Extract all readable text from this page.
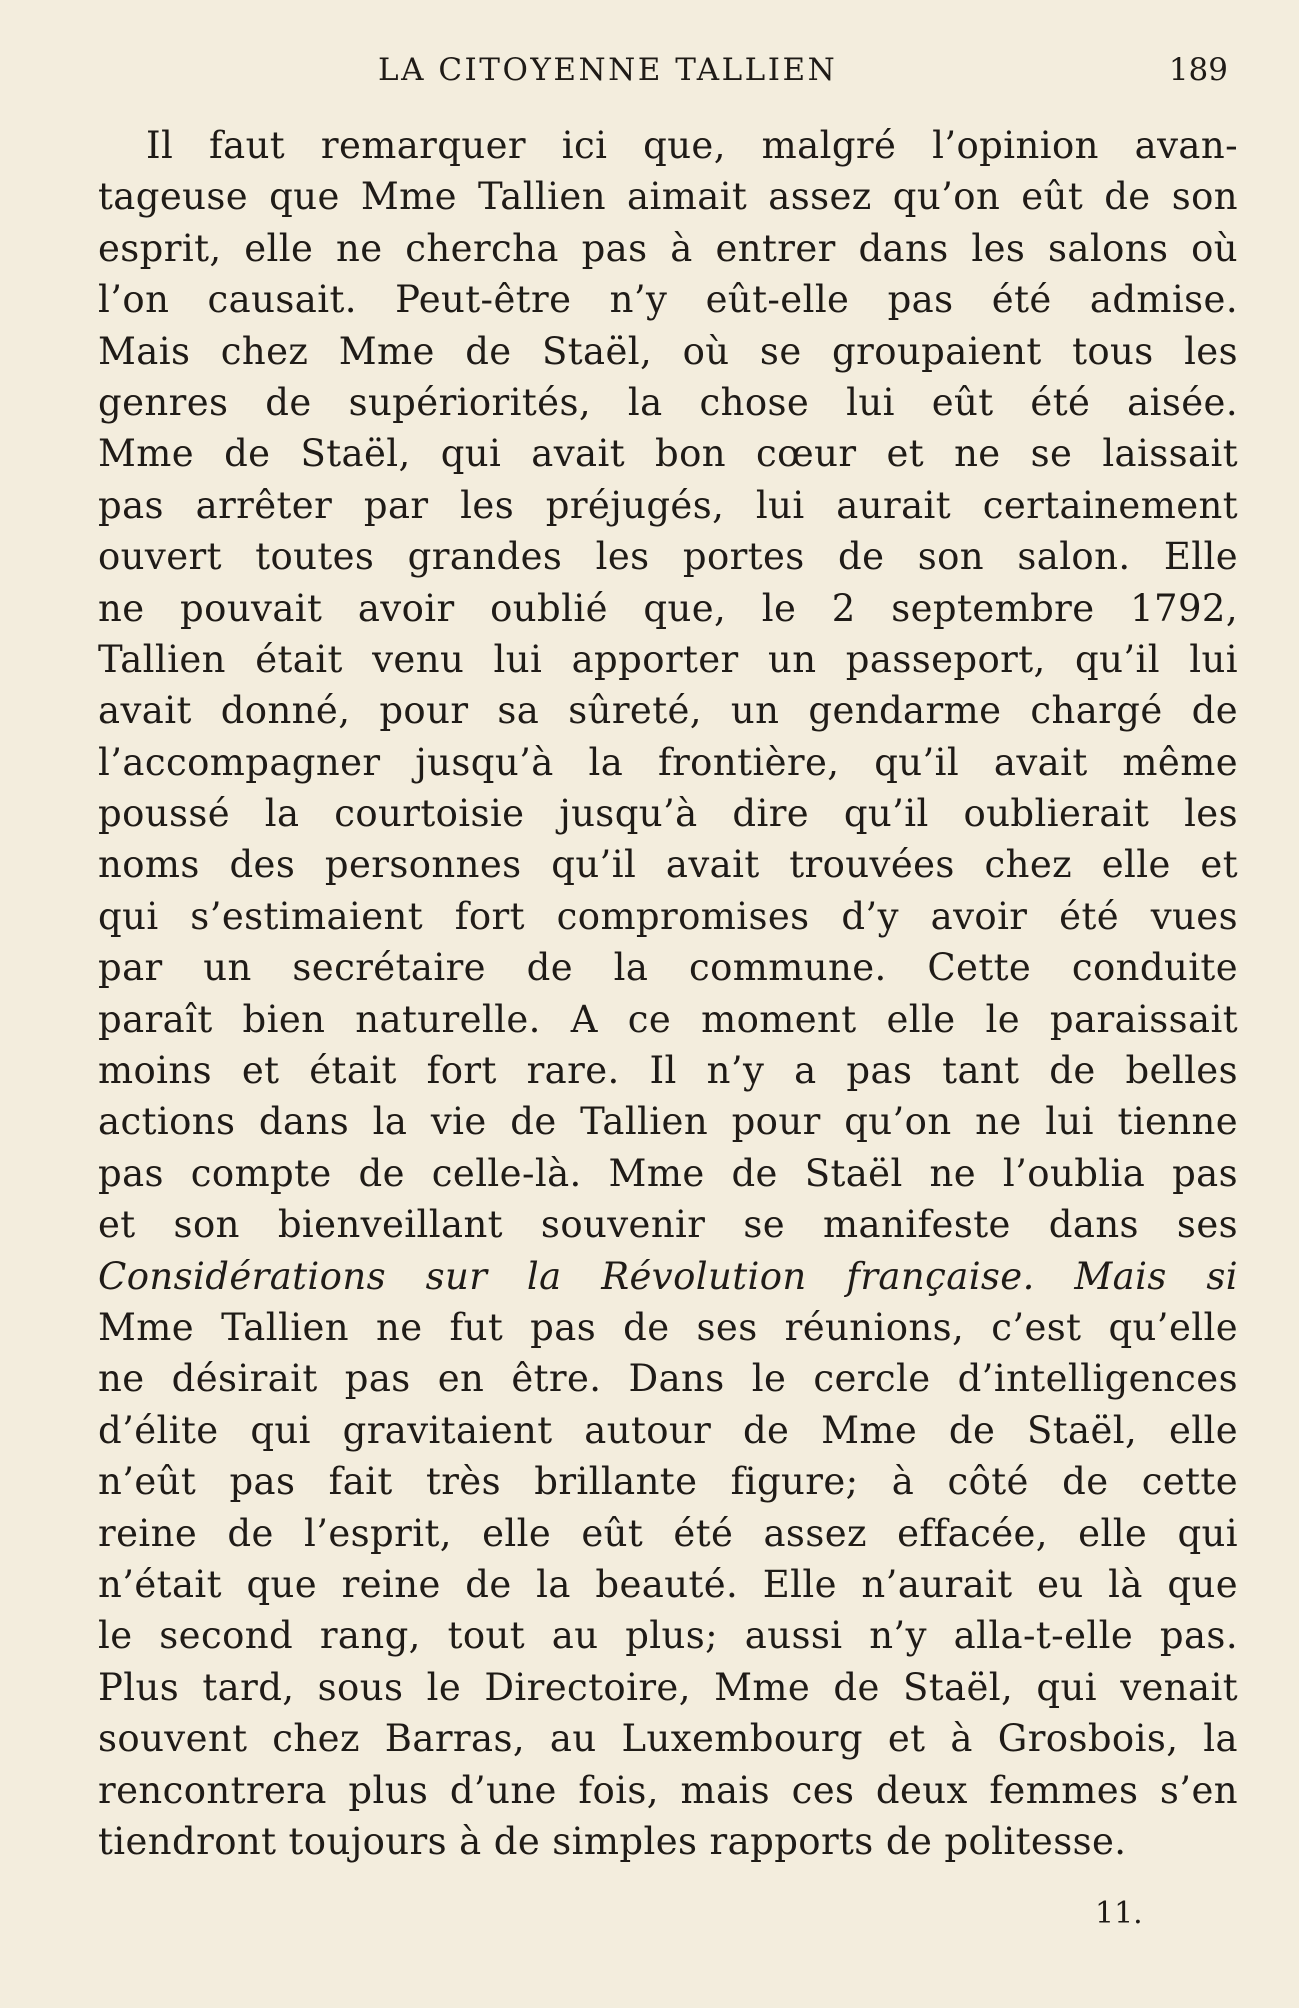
LA CITOYENNE TALLIEN	189
Il faut remarquer ici que, malgré l’opinion avan-
tageuse que Mme Tallien aimait assez qu’on eût de son
esprit, elle ne chercha pas à entrer dans les salons où
l’on causait. Peut-être n’y eût-elle pas été admise.
Mais chez Mme de Staël, où se groupaient tous les
genres de supériorités, la chose lui eût été aisée.
Mme de Staël, qui avait bon cœur et ne se laissait
pas arrêter par les préjugés, lui aurait certainement
ouvert toutes grandes les portes de son salon. Elle
ne pouvait avoir oublié que, le 2 septembre 1792,
Tallien était venu lui apporter un passeport, qu’il lui
avait donné, pour sa sûreté, un gendarme chargé de
l’accompagner jusqu’à la frontière, qu’il avait même
poussé la courtoisie jusqu’à dire qu’il oublierait les
noms des personnes qu’il avait trouvées chez elle et
qui s’estimaient fort compromises d’y avoir été vues
par un secrétaire de la commune. Cette conduite
paraît bien naturelle. A ce moment elle le paraissait
moins et était fort rare. Il n’y a pas tant de belles
actions dans la vie de Tallien pour qu’on ne lui tienne
pas compte de celle-là. Mme de Staël ne l’oublia pas
et son bienveillant souvenir se manifeste dans ses
Considérations sur la Révolution française. Mais si
Mme Tallien ne fut pas de ses réunions, c’est qu’elle
ne désirait pas en être. Dans le cercle d’intelligences
d’élite qui gravitaient autour de Mme de Staël, elle
n’eût pas fait très brillante figure; à côté de cette
reine de l’esprit, elle eût été assez effacée, elle qui
n’était que reine de la beauté. Elle n’aurait eu là que
le second rang, tout au plus; aussi n’y alla-t-elle pas.
Plus tard, sous le Directoire, Mme de Staël, qui venait
souvent chez Barras, au Luxembourg et à Grosbois, la
rencontrera plus d’une fois, mais ces deux femmes s’en
tiendront toujours à de simples rapports de politesse.
11.
